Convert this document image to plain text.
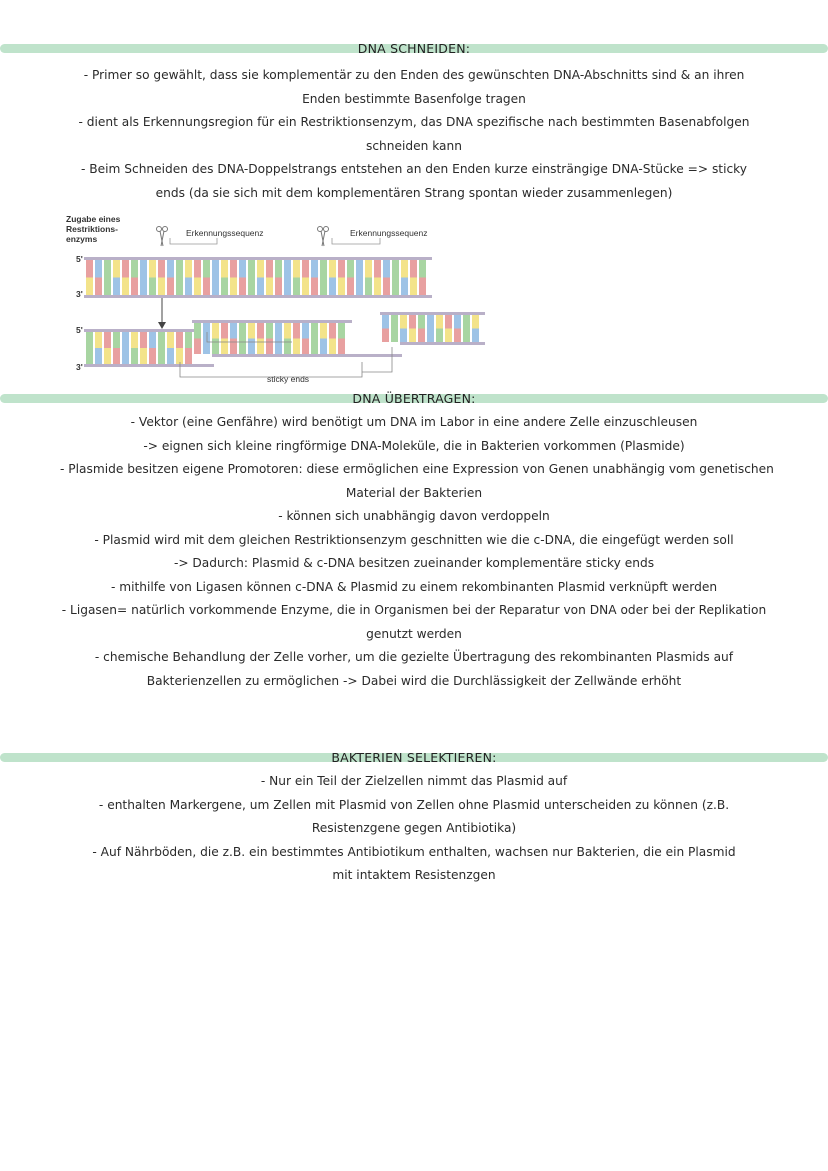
DNA SCHNEIDEN:
- Primer so gewählt, dass sie komplementär zu den Enden des gewünschten DNA-Abschnitts sind & an ihren
Enden bestimmte Basenfolge tragen
- dient als Erkennungsregion für ein Restriktionsenzym, das DNA spezifische nach bestimmten Basenabfolgen
schneiden kann
- Beim Schneiden des DNA-Doppelstrangs entstehen an den Enden kurze einsträngige DNA-Stücke => sticky
ends (da sie sich mit dem komplementären Strang spontan wieder zusammenlegen)
Zugabe eines
Restriktions-
enzyms
5'
3'
5'
3'
Erkennungssequenz	Erkennungssequenz
sticky ends
DNA ÜBERTRAGEN:
- Vektor (eine Genfähre) wird benötigt um DNA im Labor in eine andere Zelle einzuschleusen
-> eignen sich kleine ringförmige DNA-Moleküle, die in Bakterien vorkommen (Plasmide)
- Plasmide besitzen eigene Promotoren: diese ermöglichen eine Expression von Genen unabhängig vom genetischen
Material der Bakterien
- können sich unabhängig davon verdoppeln
- Plasmid wird mit dem gleichen Restriktionsenzym geschnitten wie die c-DNA, die eingefügt werden soll
-> Dadurch: Plasmid & c-DNA besitzen zueinander komplementäre sticky ends
- mithilfe von Ligasen können c-DNA & Plasmid zu einem rekombinanten Plasmid verknüpft werden
- Ligasen= natürlich vorkommende Enzyme, die in Organismen bei der Reparatur von DNA oder bei der Replikation
genutzt werden
- chemische Behandlung der Zelle vorher, um die gezielte Übertragung des rekombinanten Plasmids auf
Bakterienzellen zu ermöglichen -> Dabei wird die Durchlässigkeit der Zellwände erhöht
BAKTERIEN SELEKTIEREN:
- Nur ein Teil der Zielzellen nimmt das Plasmid auf
- enthalten Markergene, um Zellen mit Plasmid von Zellen ohne Plasmid unterscheiden zu können (z.B.
Resistenzgene gegen Antibiotika)
- Auf Nährböden, die z.B. ein bestimmtes Antibiotikum enthalten, wachsen nur Bakterien, die ein Plasmid
mit intaktem Resistenzgen
